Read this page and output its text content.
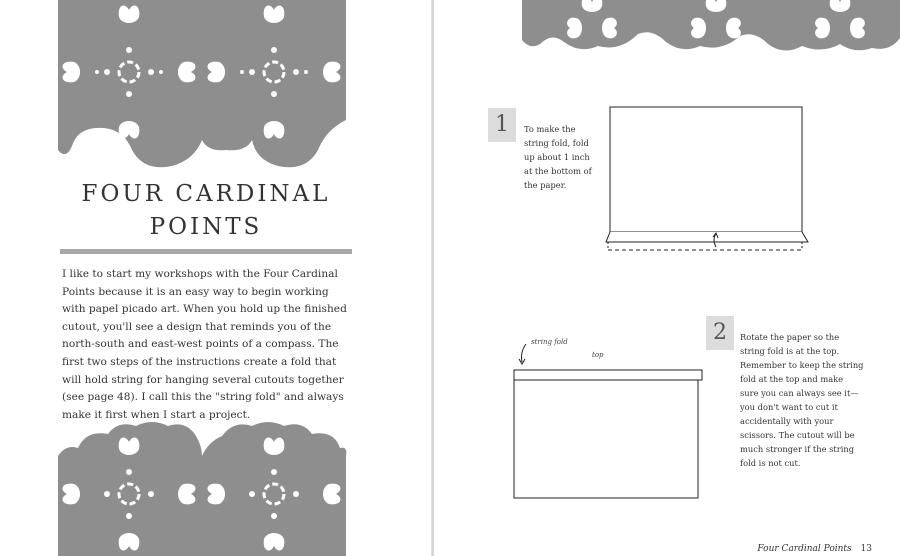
FOUR CARDINAL
POINTS

I like to start my workshops with the Four Cardinal Points because it is an easy way to begin working with papel picado art. When you hold up the finished cutout, you'll see a design that reminds you of the north-south and east-west points of a compass. The first two steps of the instructions create a fold that will hold string for hanging several cutouts together (see page 48). I call this the "string fold" and always make it first when I start a project.

1	To make the string fold, fold up about 1 inch at the bottom of the paper.
2	Rotate the paper so the string fold is at the top. Remember to keep the string fold at the top and make sure you can always see it—you don't want to cut it accidentally with your scissors. The cutout will be much stronger if the string fold is not cut.
string fold
top
Four Cardinal Points 13
